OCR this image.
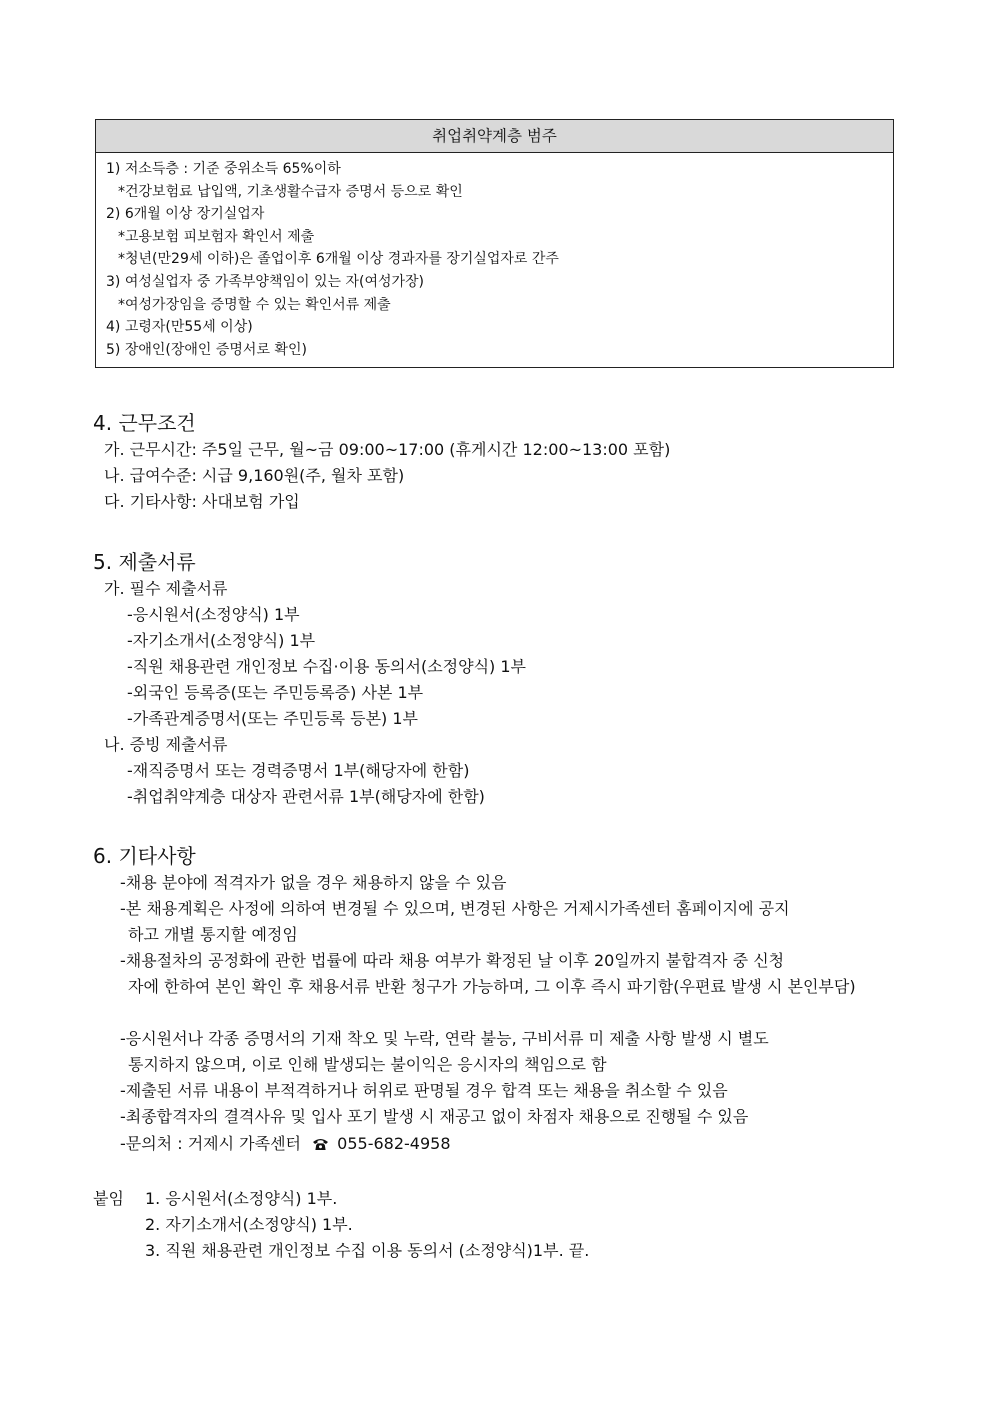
취업취약계층 범주
1) 저소득층 : 기준 중위소득 65%이하
*건강보험료 납입액, 기초생활수급자 증명서 등으로 확인
2) 6개월 이상 장기실업자
*고용보험 피보험자 확인서 제출
*청년(만29세 이하)은 졸업이후 6개월 이상 경과자를 장기실업자로 간주
3) 여성실업자 중 가족부양책임이 있는 자(여성가장)
*여성가장임을 증명할 수 있는 확인서류 제출
4) 고령자(만55세 이상)
5) 장애인(장애인 증명서로 확인)
4. 근무조건
가. 근무시간: 주5일 근무, 월~금 09:00~17:00 (휴게시간 12:00~13:00 포함)
나. 급여수준: 시급 9,160원(주, 월차 포함)
다. 기타사항: 사대보험 가입
5. 제출서류
가. 필수 제출서류
-응시원서(소정양식) 1부
-자기소개서(소정양식) 1부
-직원 채용관련 개인정보 수집·이용 동의서(소정양식) 1부
-외국인 등록증(또는 주민등록증) 사본 1부
-가족관계증명서(또는 주민등록 등본) 1부
나. 증빙 제출서류
-재직증명서 또는 경력증명서 1부(해당자에 한함)
-취업취약계층 대상자 관련서류 1부(해당자에 한함)
6. 기타사항
-채용 분야에 적격자가 없을 경우 채용하지 않을 수 있음
-본 채용계획은 사정에 의하여 변경될 수 있으며, 변경된 사항은 거제시가족센터 홈페이지에 공지
하고 개별 통지할 예정임
-채용절차의 공정화에 관한 법률에 따라 채용 여부가 확정된 날 이후 20일까지 불합격자 중 신청
자에 한하여 본인 확인 후 채용서류 반환 청구가 가능하며, 그 이후 즉시 파기함(우편료 발생 시 본인부담)
-응시원서나 각종 증명서의 기재 착오 및 누락, 연락 불능, 구비서류 미 제출 사항 발생 시 별도
통지하지 않으며, 이로 인해 발생되는 불이익은 응시자의 책임으로 함
-제출된 서류 내용이 부적격하거나 허위로 판명될 경우 합격 또는 채용을 취소할 수 있음
-최종합격자의 결격사유 및 입사 포기 발생 시 재공고 없이 차점자 채용으로 진행될 수 있음
-문의처 : 거제시 가족센터 055-682-4958
붙임 1. 응시원서(소정양식) 1부.
2. 자기소개서(소정양식) 1부.
3. 직원 채용관련 개인정보 수집 이용 동의서 (소정양식)1부. 끝.
